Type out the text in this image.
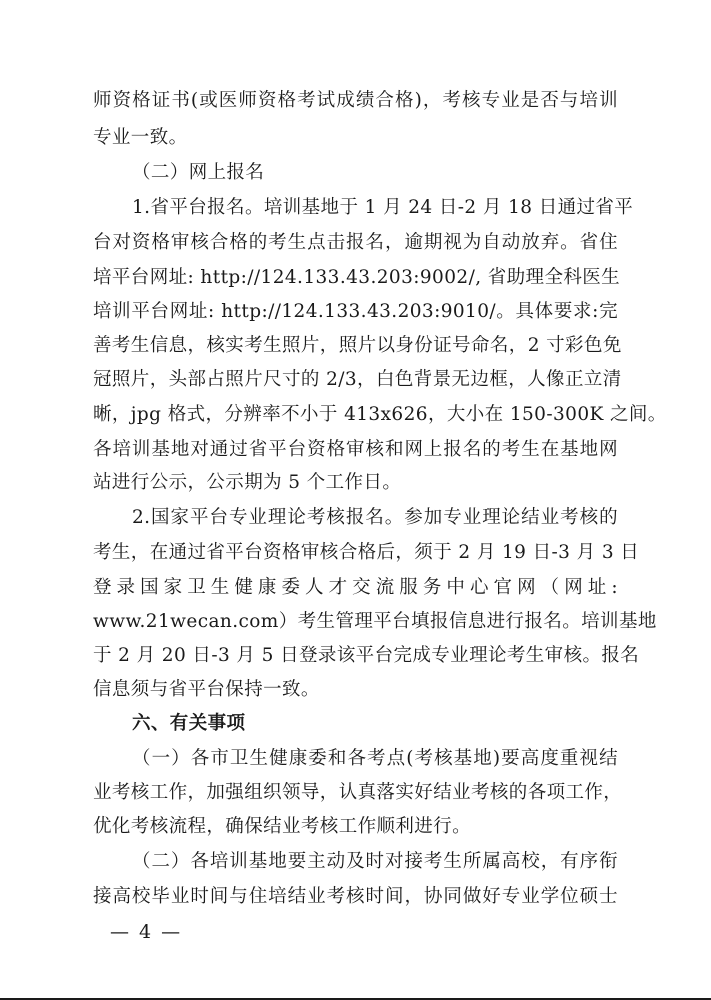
师资格证书(或医师资格考试成绩合格)，考核专业是否与培训
专业一致。
（二）网上报名
1.省平台报名。培训基地于 1 月 24 日-2 月 18 日通过省平
台对资格审核合格的考生点击报名，逾期视为自动放弃。省住
培平台网址: http://124.133.43.203:9002/, 省助理全科医生
培训平台网址: http://124.133.43.203:9010/。具体要求:完
善考生信息，核实考生照片，照片以身份证号命名，2 寸彩色免
冠照片，头部占照片尺寸的 2/3，白色背景无边框，人像正立清
晰，jpg 格式，分辨率不小于 413x626，大小在 150-300K 之间。
各培训基地对通过省平台资格审核和网上报名的考生在基地网
站进行公示，公示期为 5 个工作日。
2.国家平台专业理论考核报名。参加专业理论结业考核的
考生，在通过省平台资格审核合格后，须于 2 月 19 日-3 月 3 日
登录国家卫生健康委人才交流服务中心官网（网址:
www.21wecan.com）考生管理平台填报信息进行报名。培训基地
于 2 月 20 日-3 月 5 日登录该平台完成专业理论考生审核。报名
信息须与省平台保持一致。
六、有关事项
（一）各市卫生健康委和各考点(考核基地)要高度重视结
业考核工作，加强组织领导，认真落实好结业考核的各项工作，
优化考核流程，确保结业考核工作顺利进行。
（二）各培训基地要主动及时对接考生所属高校，有序衔
接高校毕业时间与住培结业考核时间，协同做好专业学位硕士
— 4 —
